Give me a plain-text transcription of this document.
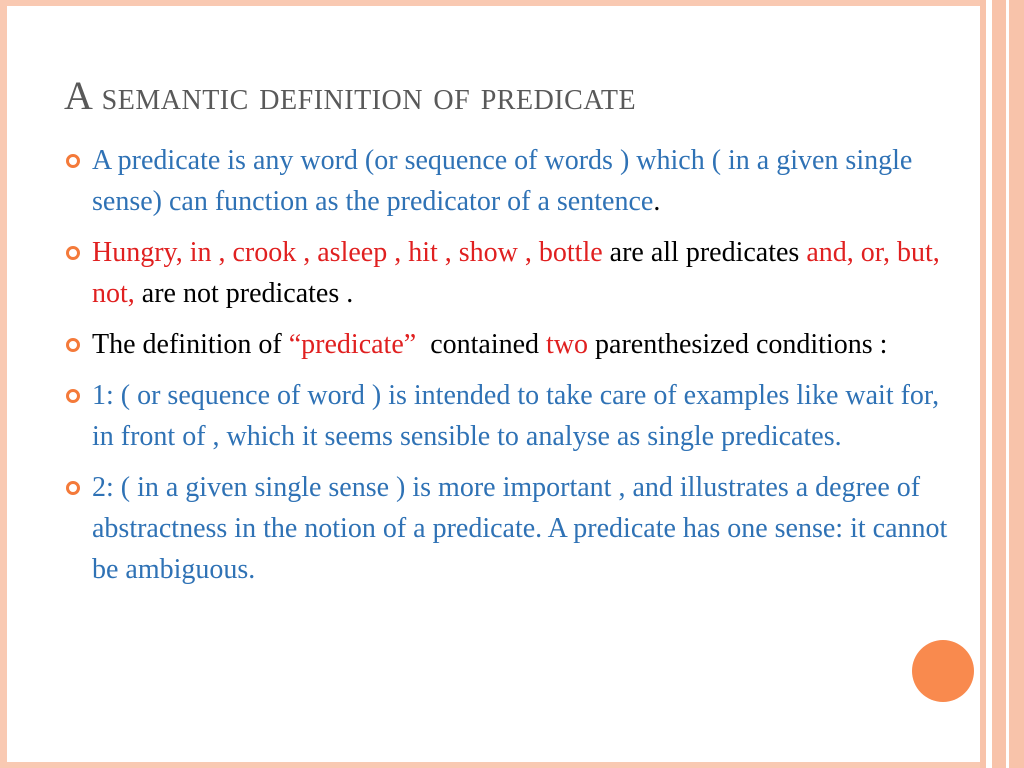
A semantic definition of predicate
A predicate is any word (or sequence of words ) which ( in a given single sense) can function as the predicator of a sentence.
Hungry, in , crook , asleep , hit , show , bottle are all predicates and, or, but, not, are not predicates .
The definition of “predicate”  contained two parenthesized conditions :
1: ( or sequence of word ) is intended to take care of examples like wait for, in front of , which it seems sensible to analyse as single predicates.
2: ( in a given single sense ) is more important , and illustrates a degree of abstractness in the notion of a predicate. A predicate has one sense: it cannot be ambiguous.
